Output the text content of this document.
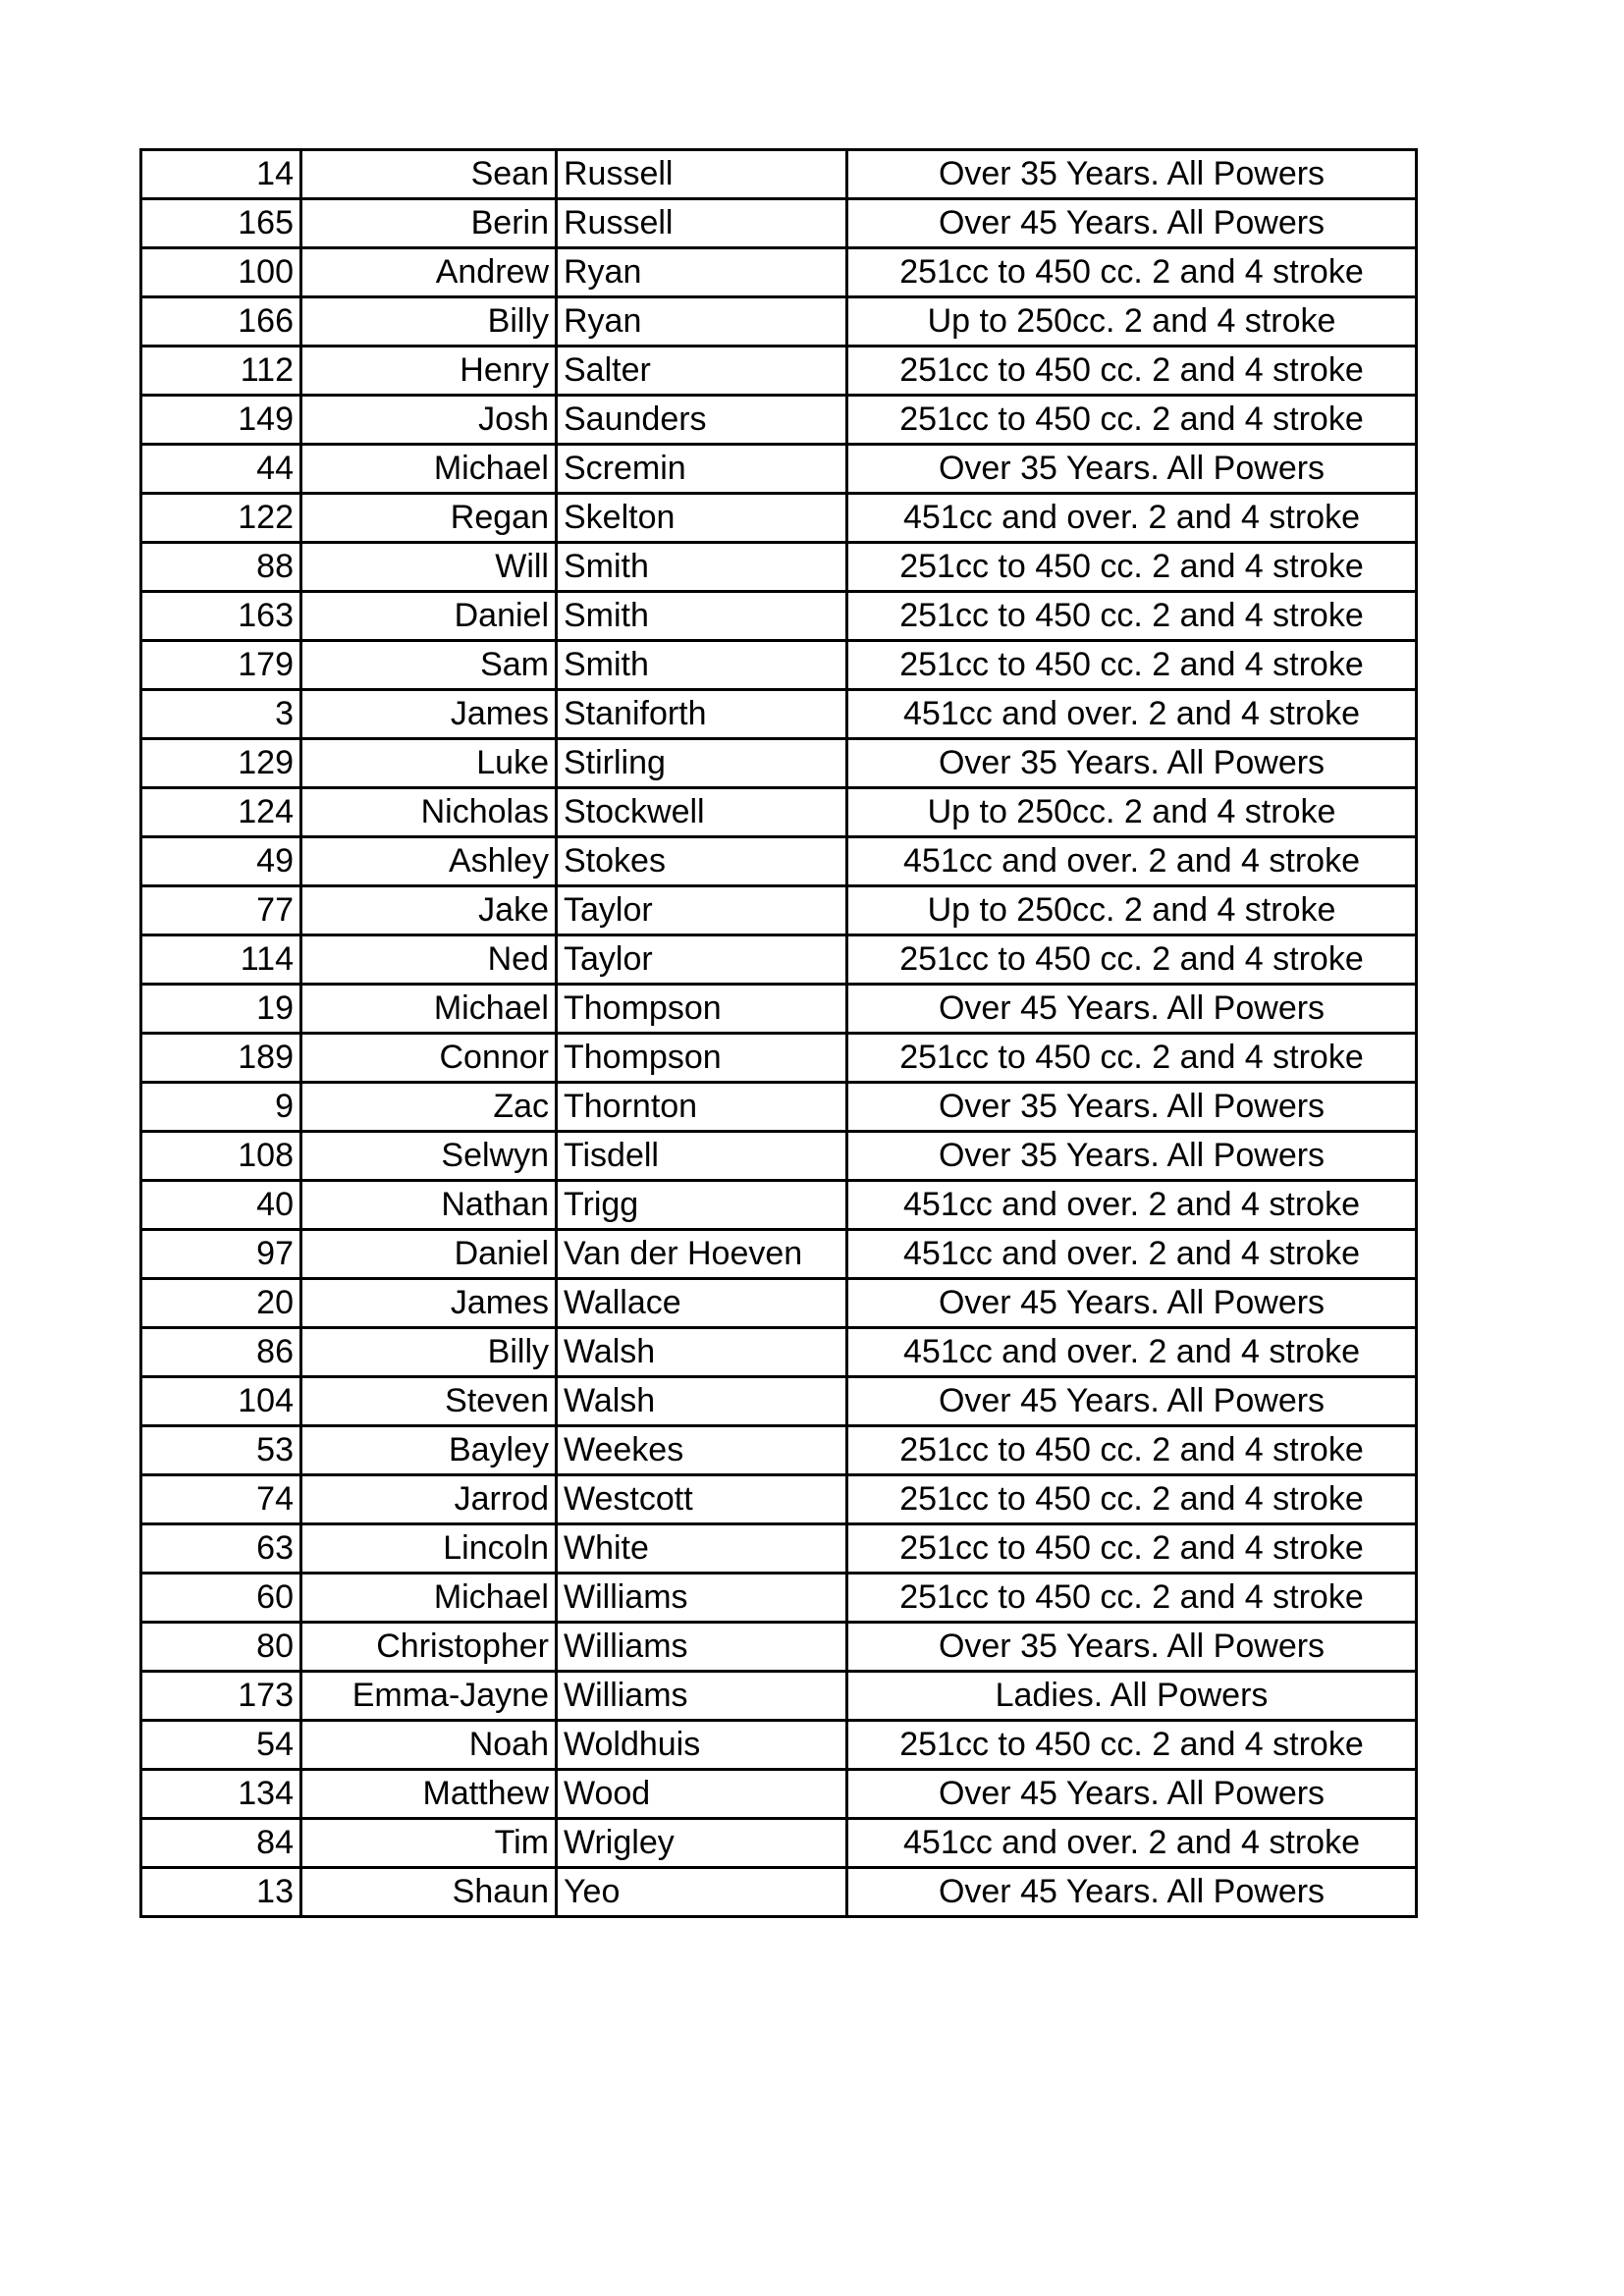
14	Sean	Russell	Over 35 Years. All Powers
165	Berin	Russell	Over 45 Years. All Powers
100	Andrew	Ryan	251cc to 450 cc. 2 and 4 stroke
166	Billy	Ryan	Up to 250cc. 2 and 4 stroke
112	Henry	Salter	251cc to 450 cc. 2 and 4 stroke
149	Josh	Saunders	251cc to 450 cc. 2 and 4 stroke
44	Michael	Scremin	Over 35 Years. All Powers
122	Regan	Skelton	451cc and over. 2 and 4 stroke
88	Will	Smith	251cc to 450 cc. 2 and 4 stroke
163	Daniel	Smith	251cc to 450 cc. 2 and 4 stroke
179	Sam	Smith	251cc to 450 cc. 2 and 4 stroke
3	James	Staniforth	451cc and over. 2 and 4 stroke
129	Luke	Stirling	Over 35 Years. All Powers
124	Nicholas	Stockwell	Up to 250cc. 2 and 4 stroke
49	Ashley	Stokes	451cc and over. 2 and 4 stroke
77	Jake	Taylor	Up to 250cc. 2 and 4 stroke
114	Ned	Taylor	251cc to 450 cc. 2 and 4 stroke
19	Michael	Thompson	Over 45 Years. All Powers
189	Connor	Thompson	251cc to 450 cc. 2 and 4 stroke
9	Zac	Thornton	Over 35 Years. All Powers
108	Selwyn	Tisdell	Over 35 Years. All Powers
40	Nathan	Trigg	451cc and over. 2 and 4 stroke
97	Daniel	Van der Hoeven	451cc and over. 2 and 4 stroke
20	James	Wallace	Over 45 Years. All Powers
86	Billy	Walsh	451cc and over. 2 and 4 stroke
104	Steven	Walsh	Over 45 Years. All Powers
53	Bayley	Weekes	251cc to 450 cc. 2 and 4 stroke
74	Jarrod	Westcott	251cc to 450 cc. 2 and 4 stroke
63	Lincoln	White	251cc to 450 cc. 2 and 4 stroke
60	Michael	Williams	251cc to 450 cc. 2 and 4 stroke
80	Christopher	Williams	Over 35 Years. All Powers
173	Emma-Jayne	Williams	Ladies. All Powers
54	Noah	Woldhuis	251cc to 450 cc. 2 and 4 stroke
134	Matthew	Wood	Over 45 Years. All Powers
84	Tim	Wrigley	451cc and over. 2 and 4 stroke
13	Shaun	Yeo	Over 45 Years. All Powers
